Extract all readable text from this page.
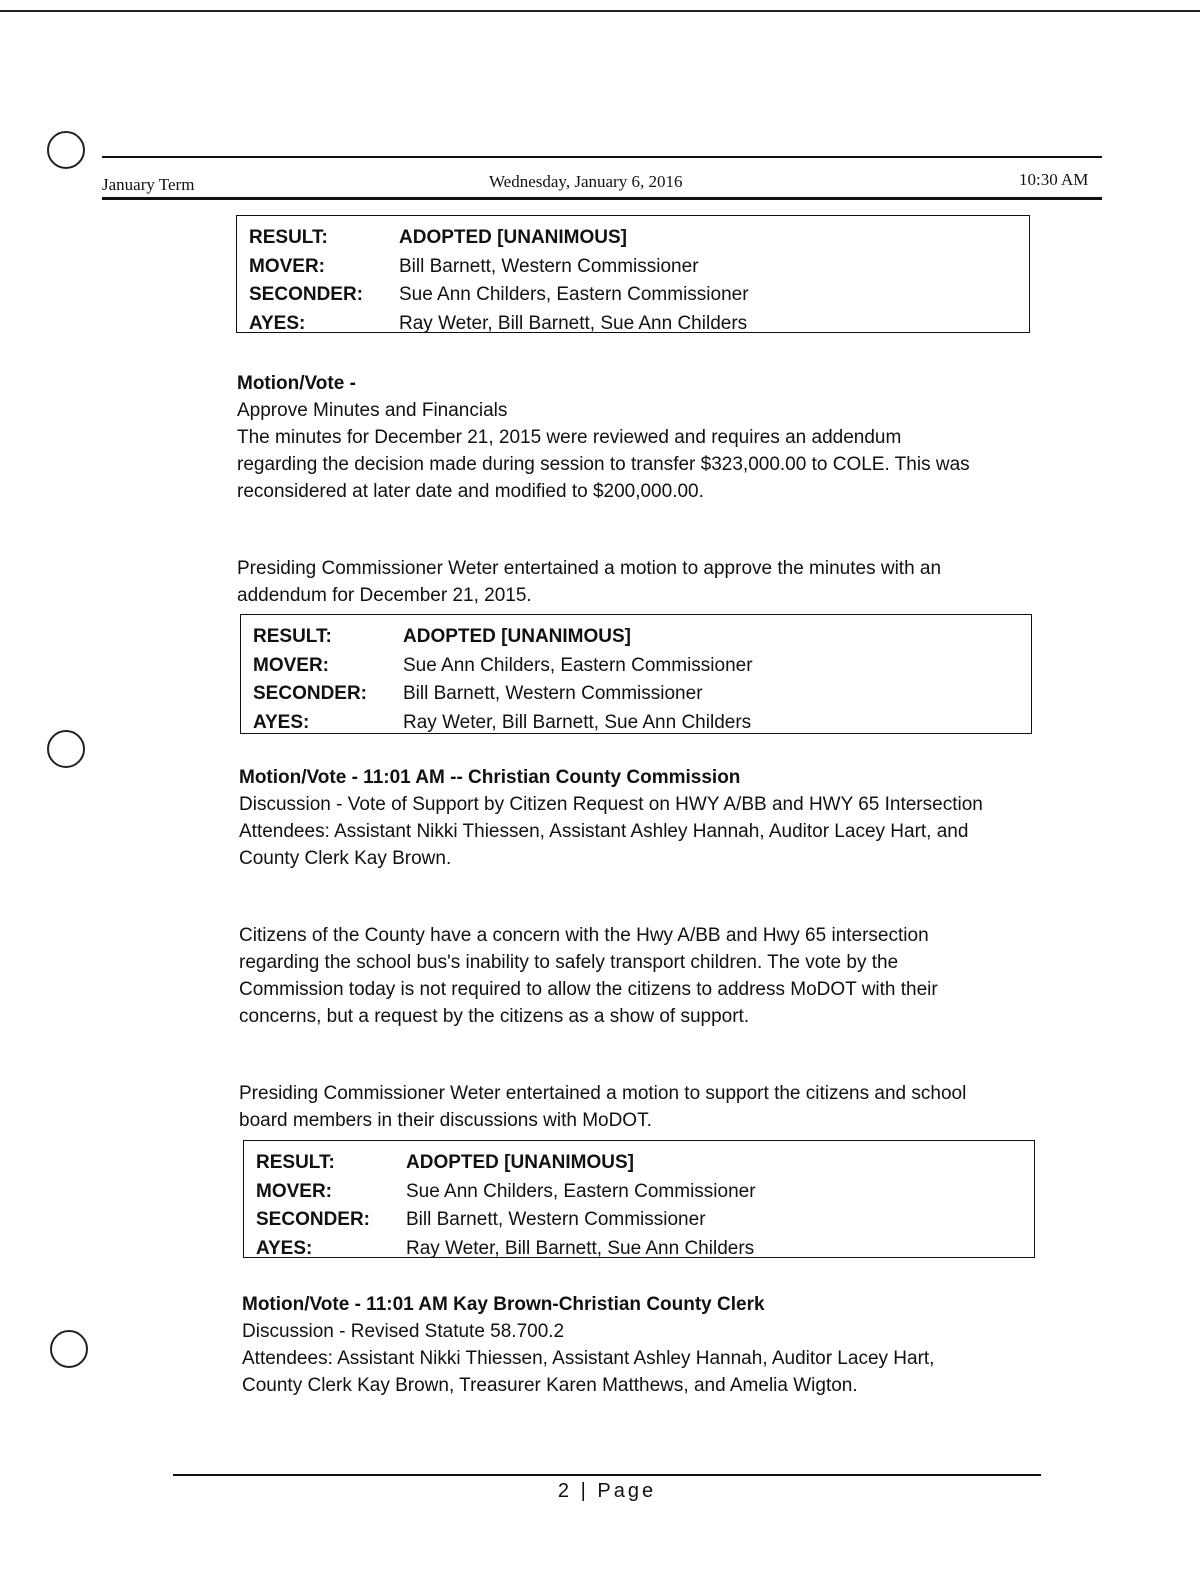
January Term	Wednesday, January 6, 2016	10:30 AM
RESULT:	ADOPTED [UNANIMOUS]
MOVER:	Bill Barnett, Western Commissioner
SECONDER:	Sue Ann Childers, Eastern Commissioner
AYES:	Ray Weter, Bill Barnett, Sue Ann Childers

Motion/Vote -

Approve Minutes and Financials

The minutes for December 21, 2015 were reviewed and requires an addendum

regarding the decision made during session to transfer $323,000.00 to COLE. This was

reconsidered at later date and modified to $200,000.00.

Presiding Commissioner Weter entertained a motion to approve the minutes with an

addendum for December 21, 2015.

RESULT:	ADOPTED [UNANIMOUS]
MOVER:	Sue Ann Childers, Eastern Commissioner
SECONDER:	Bill Barnett, Western Commissioner
AYES:	Ray Weter, Bill Barnett, Sue Ann Childers

Motion/Vote - 11:01 AM -- Christian County Commission

Discussion - Vote of Support by Citizen Request on HWY A/BB and HWY 65 Intersection

Attendees: Assistant Nikki Thiessen, Assistant Ashley Hannah, Auditor Lacey Hart, and

County Clerk Kay Brown.

Citizens of the County have a concern with the Hwy A/BB and Hwy 65 intersection

regarding the school bus's inability to safely transport children. The vote by the

Commission today is not required to allow the citizens to address MoDOT with their

concerns, but a request by the citizens as a show of support.

Presiding Commissioner Weter entertained a motion to support the citizens and school

board members in their discussions with MoDOT.

RESULT:	ADOPTED [UNANIMOUS]
MOVER:	Sue Ann Childers, Eastern Commissioner
SECONDER:	Bill Barnett, Western Commissioner
AYES:	Ray Weter, Bill Barnett, Sue Ann Childers

Motion/Vote - 11:01 AM Kay Brown-Christian County Clerk

Discussion - Revised Statute 58.700.2

Attendees: Assistant Nikki Thiessen, Assistant Ashley Hannah, Auditor Lacey Hart,

County Clerk Kay Brown, Treasurer Karen Matthews, and Amelia Wigton.

2 | Page
